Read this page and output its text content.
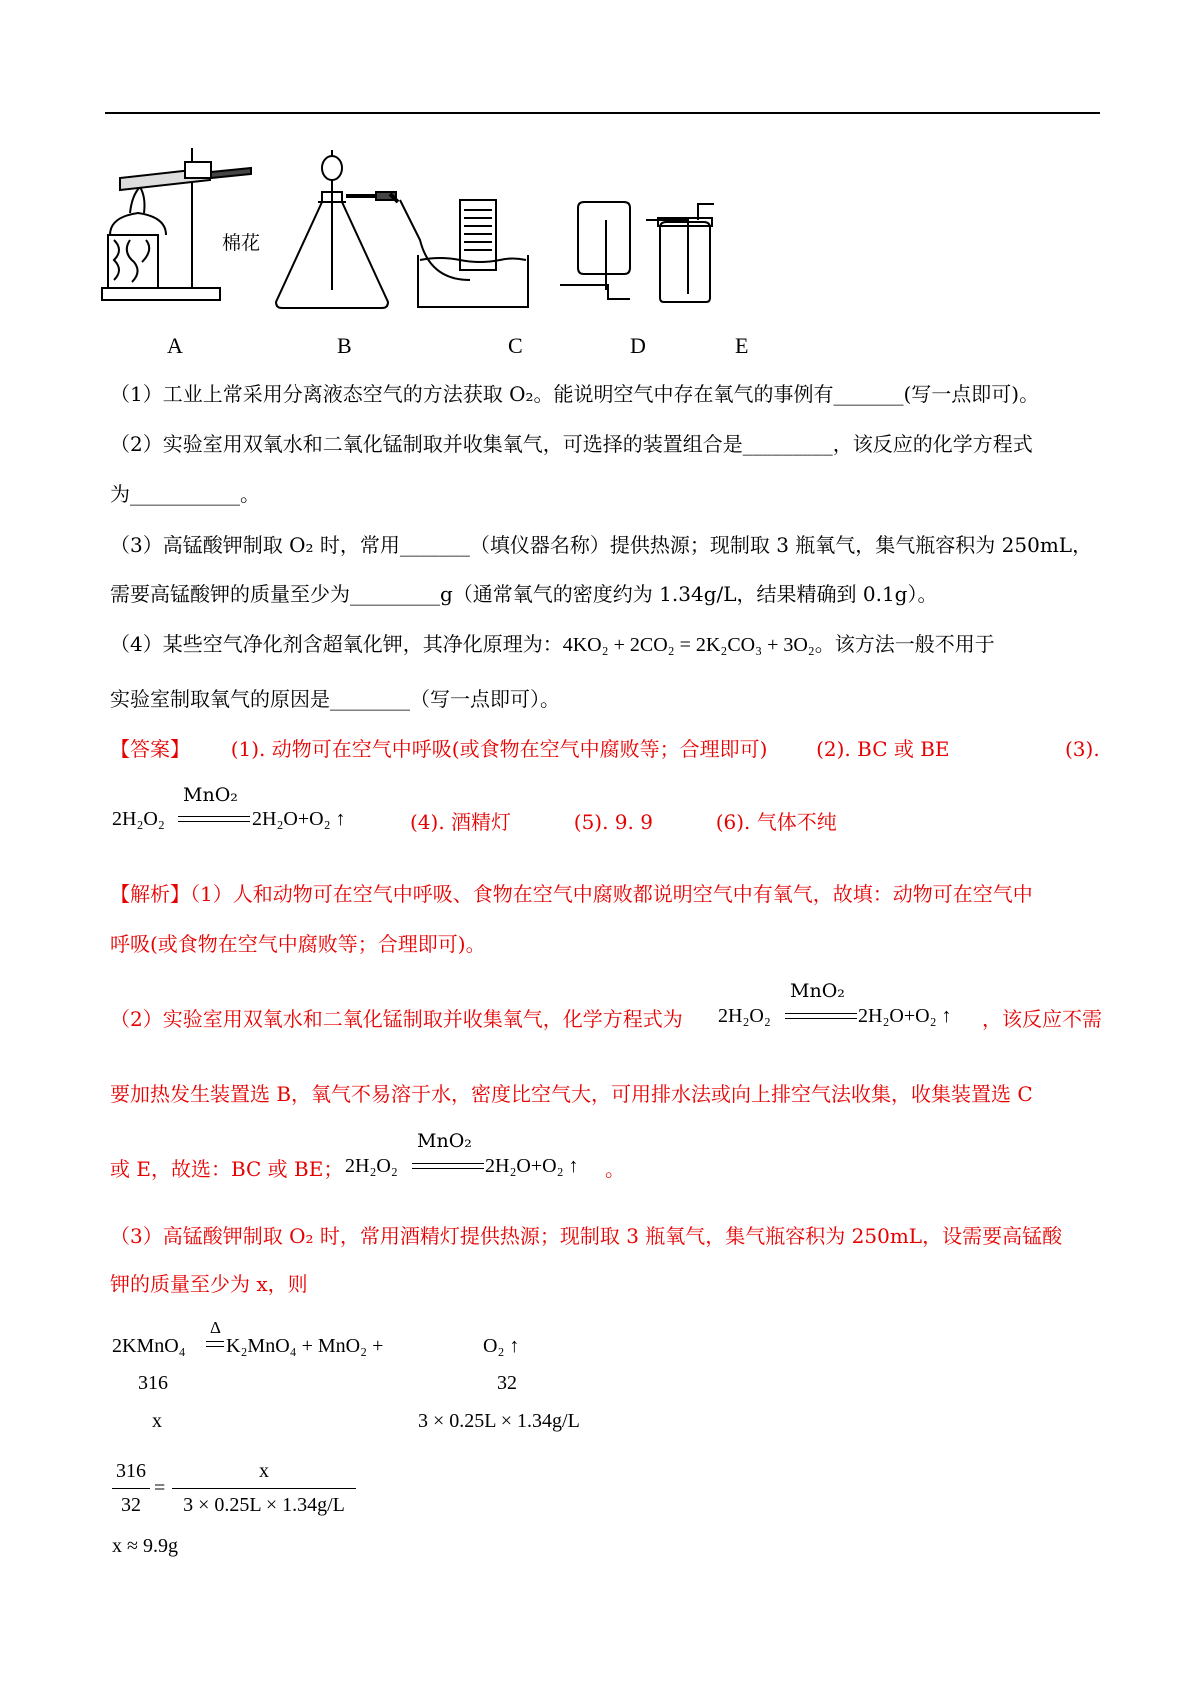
棉花
A	B	C	D	E
（1）工业上常采用分离液态空气的方法获取 O₂。能说明空气中存在氧气的事例有_______(写一点即可)。
（2）实验室用双氧水和二氧化锰制取并收集氧气，可选择的装置组合是_________，该反应的化学方程式
为___________。
（3）高锰酸钾制取 O₂ 时，常用_______（填仪器名称）提供热源；现制取 3 瓶氧气，集气瓶容积为 250mL，
需要高锰酸钾的质量至少为_________g（通常氧气的密度约为 1.34g/L，结果精确到 0.1g）。
（4）某些空气净化剂含超氧化钾，其净化原理为：4KO₂ + 2CO₂ = 2K₂CO₃ + 3O₂。该方法一般不用于
实验室制取氧气的原因是________（写一点即可）。
【答案】 (1). 动物可在空气中呼吸(或食物在空气中腐败等；合理即可) (2). BC 或 BE	(3).
2H₂O₂
MnO₂
2H₂O+O₂ ↑	(4). 酒精灯	(5). 9. 9	(6). 气体不纯
【解析】（1）人和动物可在空气中呼吸、食物在空气中腐败都说明空气中有氧气，故填：动物可在空气中
呼吸(或食物在空气中腐败等；合理即可)。
（2）实验室用双氧水和二氧化锰制取并收集氧气，化学方程式为 2H₂O₂
MnO₂
2H₂O+O₂ ↑ ，该反应不需
要加热发生装置选 B，氧气不易溶于水，密度比空气大，可用排水法或向上排空气法收集，收集装置选 C
或 E，故选：BC 或 BE； 2H₂O₂
MnO₂
2H₂O+O₂ ↑ 。
（3）高锰酸钾制取 O₂ 时，常用酒精灯提供热源；现制取 3 瓶氧气，集气瓶容积为 250mL，设需要高锰酸
钾的质量至少为 x，则
2KMnO₄
Δ
K₂MnO₄ + MnO₂ +	O₂ ↑
316	32
x	3 × 0.25L × 1.34g/L
316
32
=
x
3 × 0.25L × 1.34g/L
x ≈ 9.9g
